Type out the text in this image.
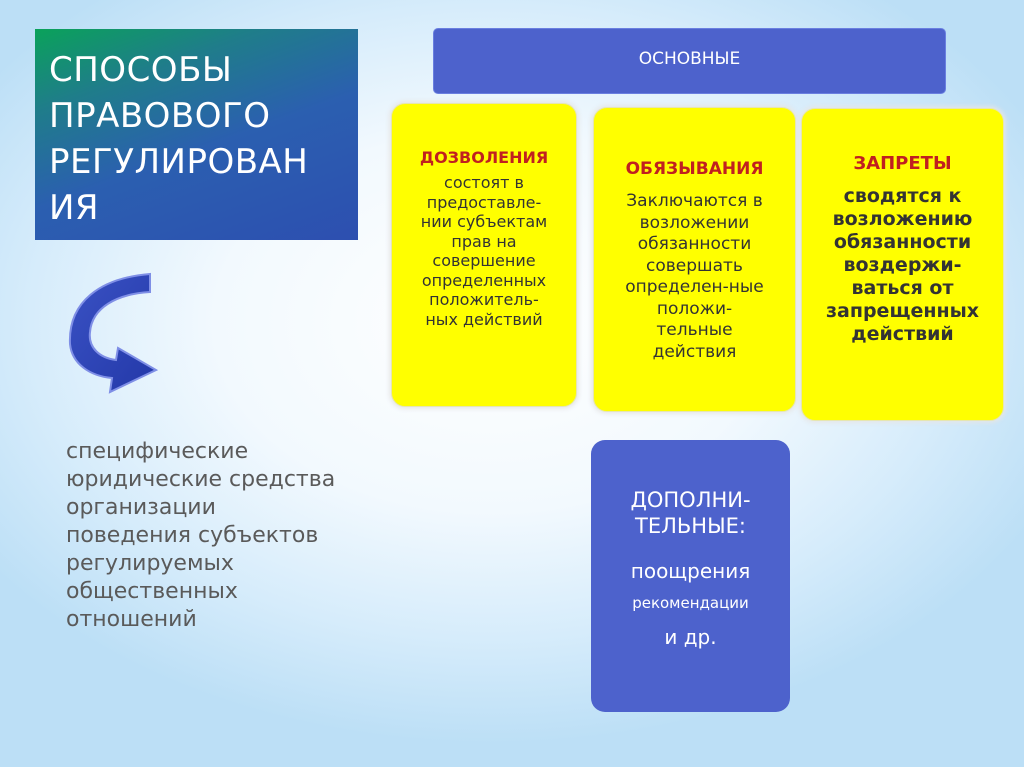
СПОСОБЫ
ПРАВОВОГО
РЕГУЛИРОВАН
ИЯ
специфические
юридические средства
организации
поведения субъектов
регулируемых
общественных
отношений
ОСНОВНЫЕ
ДОЗВОЛЕНИЯ
состоят в
предоставле-
нии субъектам
прав на
совершение
определенных
положитель-
ных действий
ОБЯЗЫВАНИЯ
Заключаются в
возложении
обязанности
совершать
определен-ные
положи-
тельные
действия
ЗАПРЕТЫ
сводятся к
возложению
обязанности
воздержи-
ваться от
запрещенных
действий
ДОПОЛНИ-
ТЕЛЬНЫЕ:
поощрения
рекомендации
и др.
